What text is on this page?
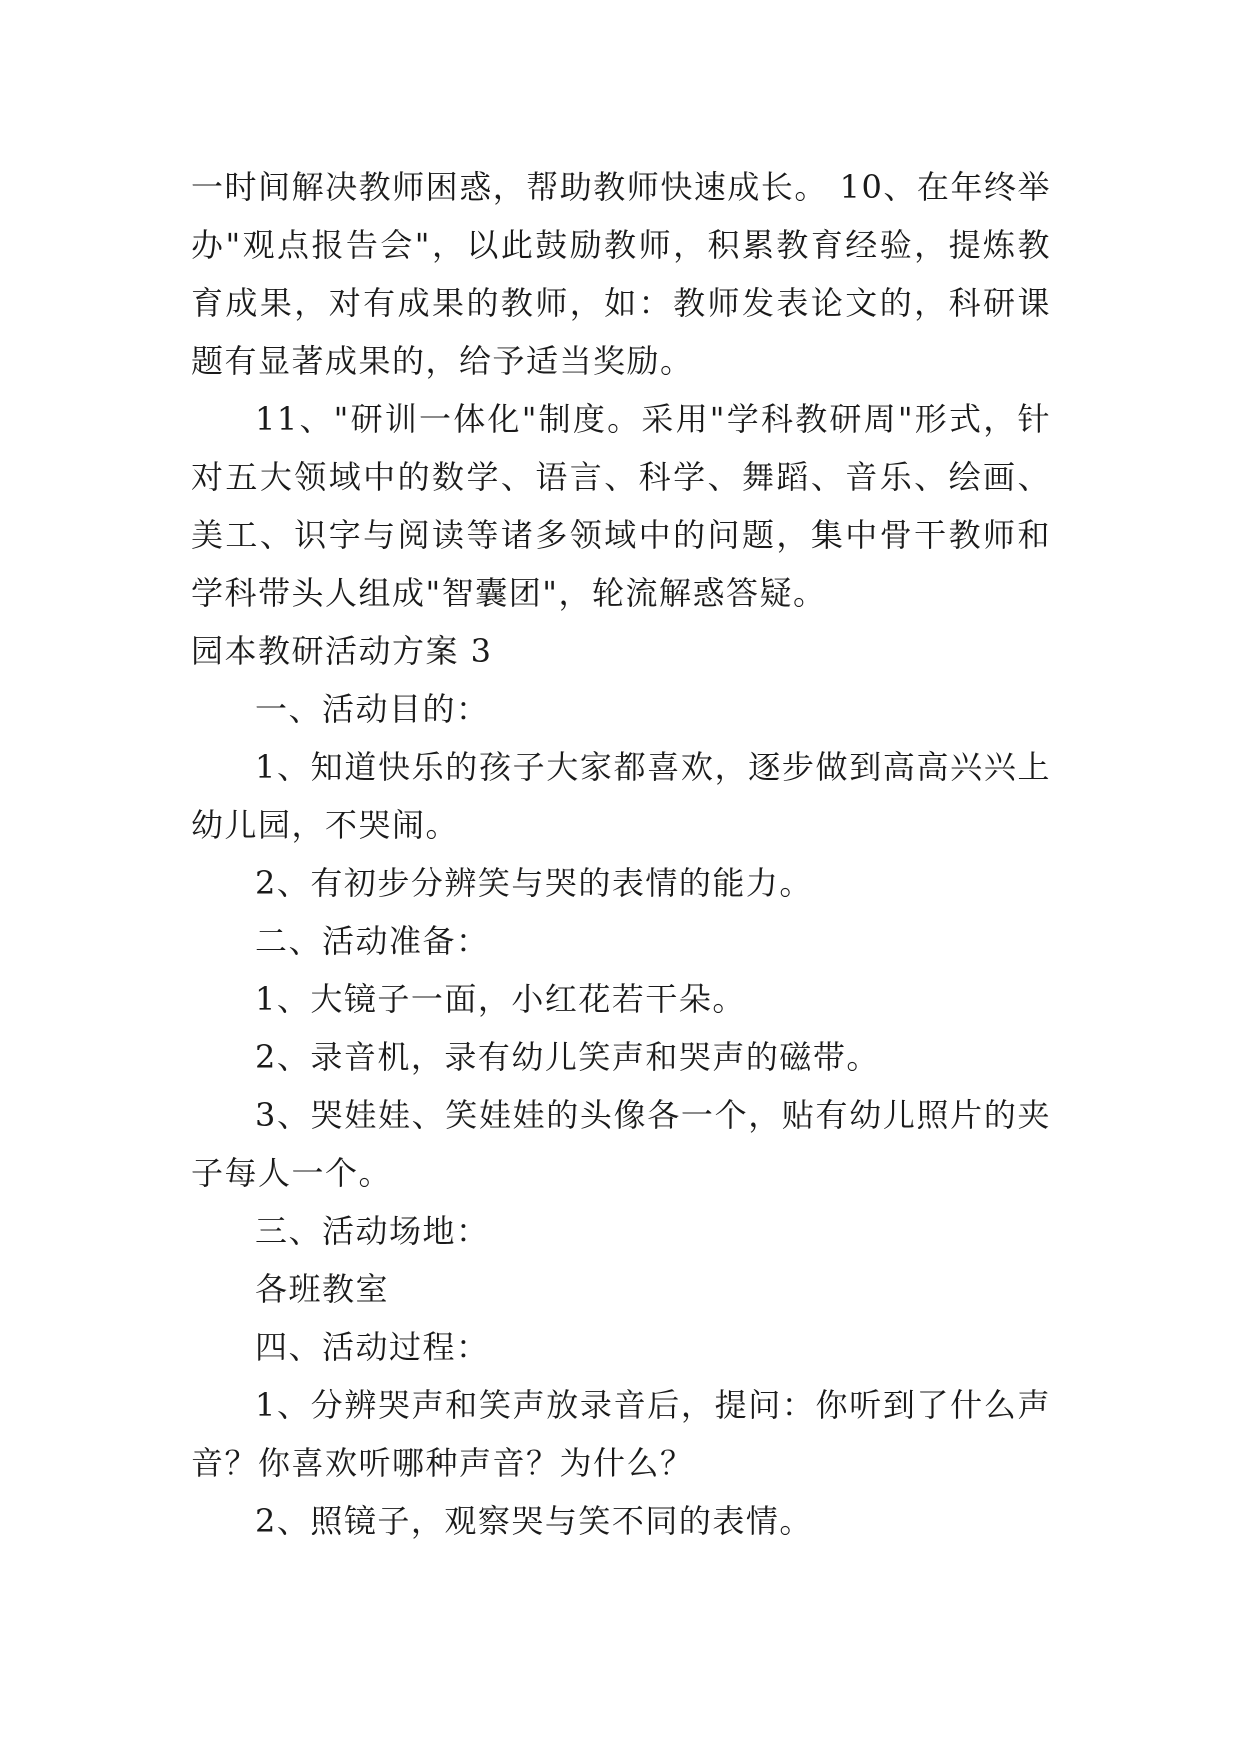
一时间解决教师困惑，帮助教师快速成长。 10、在年终举办"观点报告会"，以此鼓励教师，积累教育经验，提炼教育成果，对有成果的教师，如：教师发表论文的，科研课题有显著成果的，给予适当奖励。

11、"研训一体化"制度。采用"学科教研周"形式，针对五大领域中的数学、语言、科学、舞蹈、音乐、绘画、美工、识字与阅读等诸多领域中的问题，集中骨干教师和学科带头人组成"智囊团"，轮流解惑答疑。

园本教研活动方案 3

一、活动目的：

1、知道快乐的孩子大家都喜欢，逐步做到高高兴兴上幼儿园，不哭闹。

2、有初步分辨笑与哭的表情的能力。

二、活动准备：

1、大镜子一面，小红花若干朵。

2、录音机，录有幼儿笑声和哭声的磁带。

3、哭娃娃、笑娃娃的头像各一个，贴有幼儿照片的夹子每人一个。

三、活动场地：

各班教室

四、活动过程：

1、分辨哭声和笑声放录音后，提问：你听到了什么声音？你喜欢听哪种声音？为什么？

2、照镜子，观察哭与笑不同的表情。
